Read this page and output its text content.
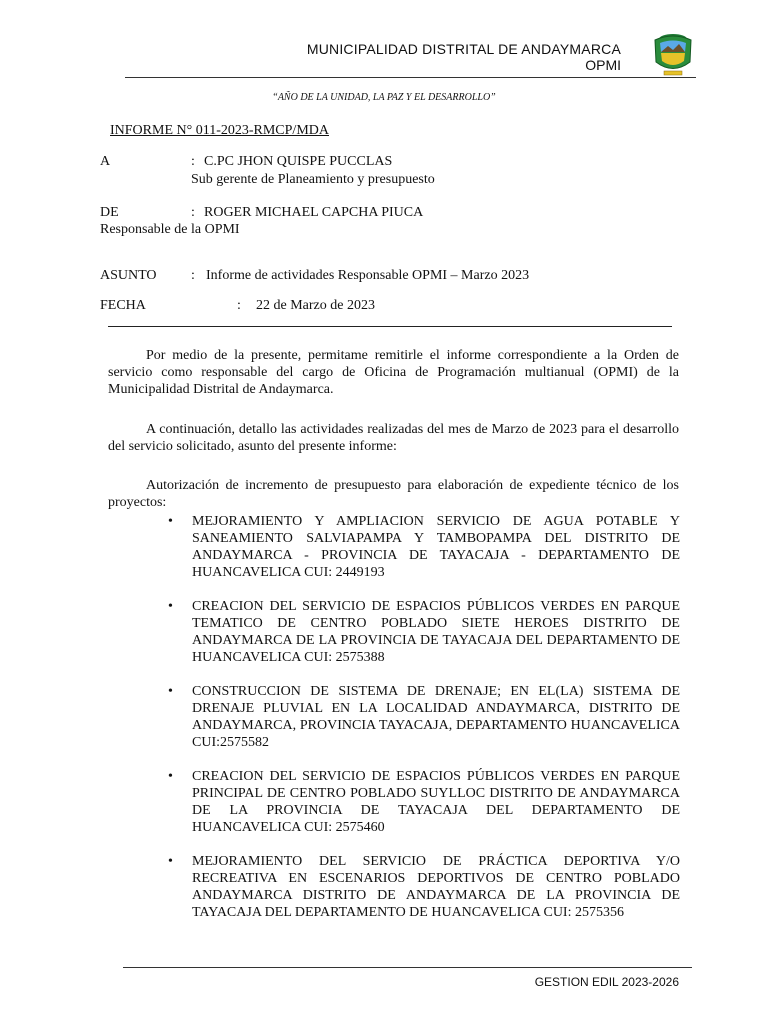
MUNICIPALIDAD DISTRITAL DE ANDAYMARCA
OPMI
“AÑO DE LA UNIDAD, LA PAZ Y EL DESARROLLO”
INFORME N° 011-2023-RMCP/MDA
A	: C.PC JHON QUISPE PUCCLAS
Sub gerente de Planeamiento y presupuesto
DE	: ROGER MICHAEL CAPCHA PIUCA
Responsable de la OPMI
ASUNTO : Informe de actividades Responsable OPMI – Marzo 2023
FECHA	: 22 de Marzo de 2023
Por medio de la presente, permitame remitirle el informe correspondiente a la Orden de servicio como responsable del cargo de Oficina de Programación multianual (OPMI) de la Municipalidad Distrital de Andaymarca.
A continuación, detallo las actividades realizadas del mes de Marzo de 2023 para el desarrollo del servicio solicitado, asunto del presente informe:
Autorización de incremento de presupuesto para elaboración de expediente técnico de los proyectos:
• MEJORAMIENTO Y AMPLIACION SERVICIO DE AGUA POTABLE Y SANEAMIENTO SALVIAPAMPA Y TAMBOPAMPA DEL DISTRITO DE ANDAYMARCA - PROVINCIA DE TAYACAJA - DEPARTAMENTO DE HUANCAVELICA CUI: 2449193
• CREACION DEL SERVICIO DE ESPACIOS PÚBLICOS VERDES EN PARQUE TEMATICO DE CENTRO POBLADO SIETE HEROES DISTRITO DE ANDAYMARCA DE LA PROVINCIA DE TAYACAJA DEL DEPARTAMENTO DE HUANCAVELICA CUI: 2575388
• CONSTRUCCION DE SISTEMA DE DRENAJE; EN EL(LA) SISTEMA DE DRENAJE PLUVIAL EN LA LOCALIDAD ANDAYMARCA, DISTRITO DE ANDAYMARCA, PROVINCIA TAYACAJA, DEPARTAMENTO HUANCAVELICA CUI:2575582
• CREACION DEL SERVICIO DE ESPACIOS PÚBLICOS VERDES EN PARQUE PRINCIPAL DE CENTRO POBLADO SUYLLOC DISTRITO DE ANDAYMARCA DE LA PROVINCIA DE TAYACAJA DEL DEPARTAMENTO DE HUANCAVELICA CUI: 2575460
• MEJORAMIENTO DEL SERVICIO DE PRÁCTICA DEPORTIVA Y/O RECREATIVA EN ESCENARIOS DEPORTIVOS DE CENTRO POBLADO ANDAYMARCA DISTRITO DE ANDAYMARCA DE LA PROVINCIA DE TAYACAJA DEL DEPARTAMENTO DE HUANCAVELICA CUI: 2575356
GESTION EDIL 2023-2026
